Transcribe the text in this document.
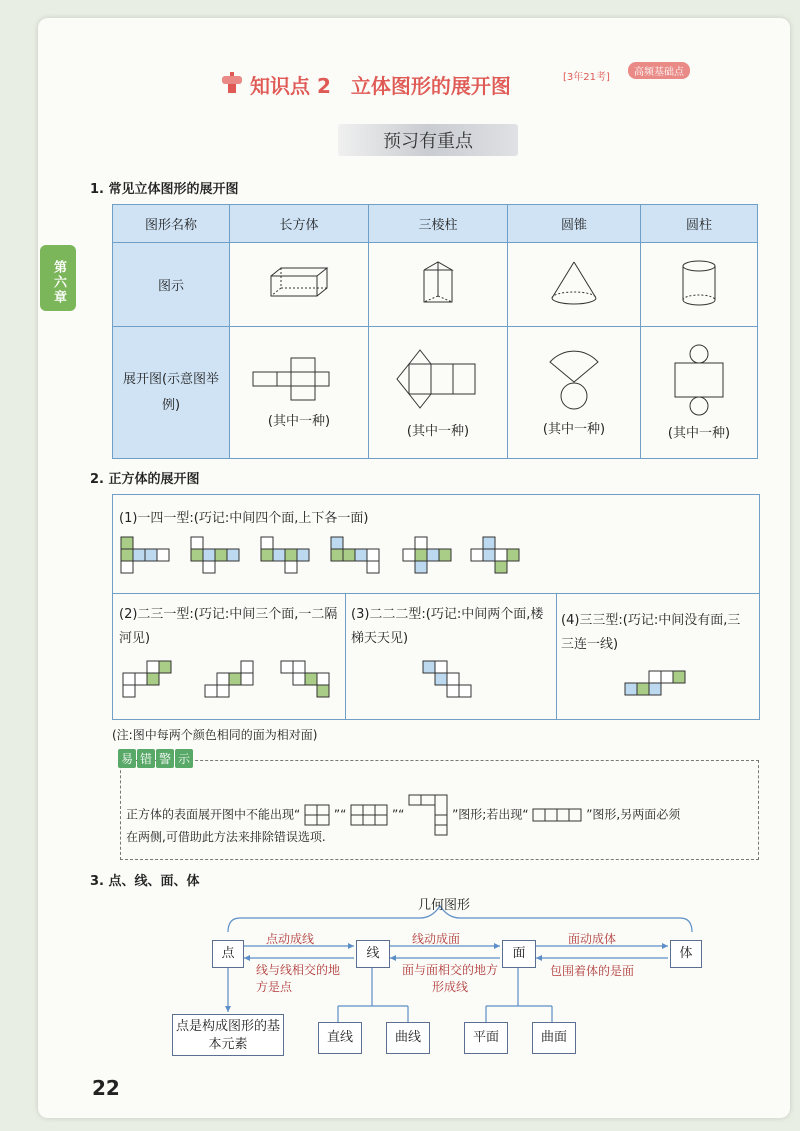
第六章
知识点 2　立体图形的展开图	[3年21考]	高频基础点
预习有重点
1. 常见立体图形的展开图
图形名称	长方体	三棱柱	圆锥	圆柱
图示				
展开图(示意图举例)	(其中一种)	(其中一种)	(其中一种)	(其中一种)
2. 正方体的展开图
(1)一四一型:(巧记:中间四个面,上下各一面)
(2)二三一型:(巧记:中间三个面,一二隔河见)
(3)二二二型:(巧记:中间两个面,楼梯天天见)
(4)三三型:(巧记:中间没有面,三三连一线)
(注:图中每两个颜色相同的面为相对面)
易 错 警 示
正方体的表面展开图中不能出现“	”“	”“	”图形;若出现“	”图形,另两面必须
在两侧,可借助此方法来排除错误选项.
3. 点、线、面、体
几何图形
点	线	面	体
点动成线	线动成面	面动成体
线与线相交的地方是点
面与面相交的地方形成线
包围着体的是面
点是构成图形的基本元素	直线	曲线	平面	曲面
22
